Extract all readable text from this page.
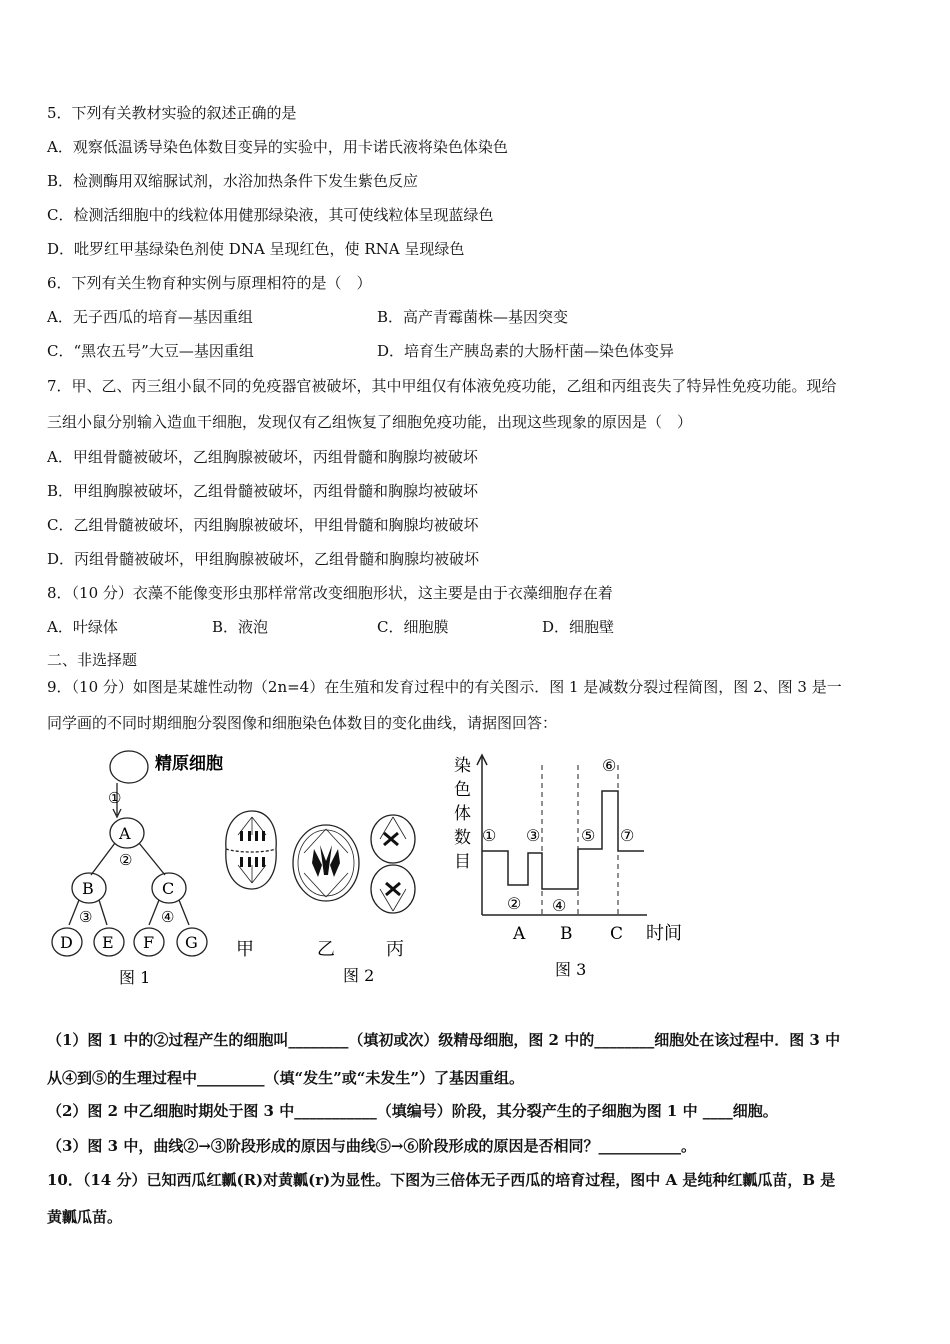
5．下列有关教材实验的叙述正确的是
A．观察低温诱导染色体数目变异的实验中，用卡诺氏液将染色体染色
B．检测酶用双缩脲试剂，水浴加热条件下发生紫色反应
C．检测活细胞中的线粒体用健那绿染液，其可使线粒体呈现蓝绿色
D．吡罗红甲基绿染色剂使 DNA 呈现红色，使 RNA 呈现绿色
6．下列有关生物育种实例与原理相符的是（　）
A．无子西瓜的培育—基因重组	B．高产青霉菌株—基因突变
C．“黑农五号”大豆—基因重组	D．培育生产胰岛素的大肠杆菌—染色体变异
7．甲、乙、丙三组小鼠不同的免疫器官被破坏，其中甲组仅有体液免疫功能，乙组和丙组丧失了特异性免疫功能。现给
三组小鼠分别输入造血干细胞，发现仅有乙组恢复了细胞免疫功能，出现这些现象的原因是（　）
A．甲组骨髓被破坏，乙组胸腺被破坏，丙组骨髓和胸腺均被破坏
B．甲组胸腺被破坏，乙组骨髓被破坏，丙组骨髓和胸腺均被破坏
C．乙组骨髓被破坏，丙组胸腺被破坏，甲组骨髓和胸腺均被破坏
D．丙组骨髓被破坏，甲组胸腺被破坏，乙组骨髓和胸腺均被破坏
8．（10 分）衣藻不能像变形虫那样常常改变细胞形状，这主要是由于衣藻细胞存在着
A．叶绿体	B．液泡	C．细胞膜	D．细胞壁
二、非选择题
9．（10 分）如图是某雄性动物（2n=4）在生殖和发育过程中的有关图示．图 1 是减数分裂过程简图，图 2、图 3 是一
同学画的不同时期细胞分裂图像和细胞染色体数目的变化曲线，请据图回答：
精原细胞
①
A
②
B	C
③	④
D E F G
图 1
甲	乙	丙
图 2
染
色
体
数
目
①
②
③
④
⑤
⑥
⑦
A B C 时间
图 3
（1）图 1 中的②过程产生的细胞叫________（填初或次）级精母细胞，图 2 中的________细胞处在该过程中．图 3 中
从④到⑤的生理过程中_________（填“发生”或“未发生”）了基因重组。
（2）图 2 中乙细胞时期处于图 3 中___________（填编号）阶段，其分裂产生的子细胞为图 1 中 ____细胞。
（3）图 3 中，曲线②→③阶段形成的原因与曲线⑤→⑥阶段形成的原因是否相同？___________。
10．（14 分）已知西瓜红瓤(R)对黄瓤(r)为显性。下图为三倍体无子西瓜的培育过程，图中 A 是纯种红瓤瓜苗，B 是
黄瓤瓜苗。
